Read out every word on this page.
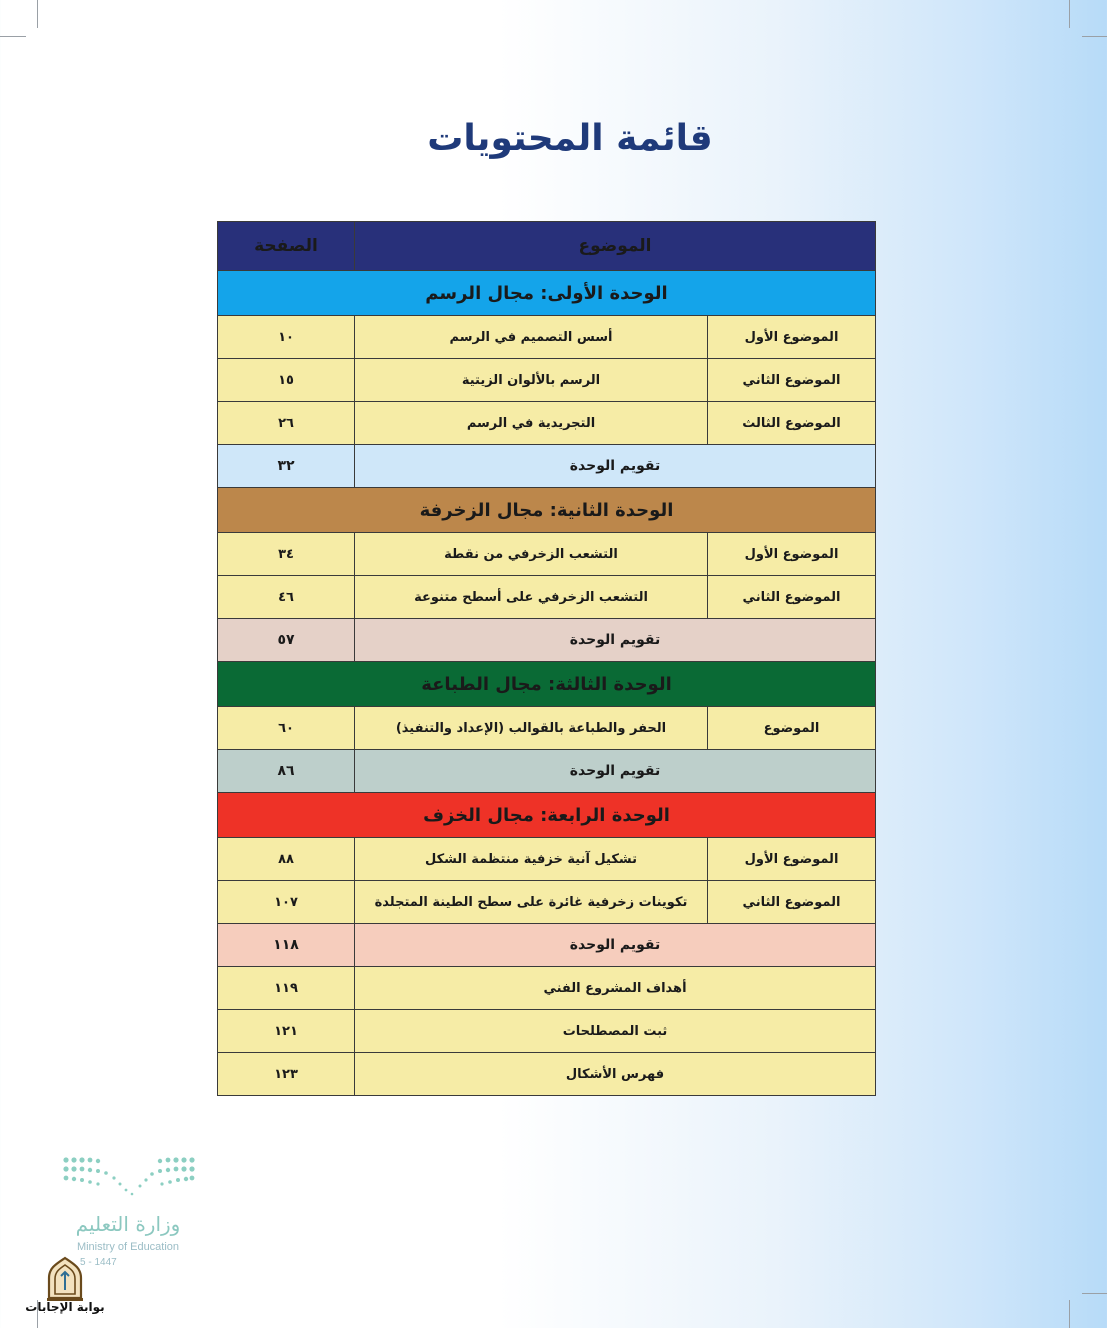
قائمة المحتويات
الموضوع		الصفحة
الوحدة الأولى: مجال الرسم		
الموضوع الأول	أسس التصميم في الرسم	١٠
الموضوع الثاني	الرسم بالألوان الزيتية	١٥
الموضوع الثالث	التجريدية في الرسم	٢٦
تقويم الوحدة		٣٢
الوحدة الثانية: مجال الزخرفة		
الموضوع الأول	التشعب الزخرفي من نقطة	٣٤
الموضوع الثاني	التشعب الزخرفي على أسطح متنوعة	٤٦
تقويم الوحدة		٥٧
الوحدة الثالثة: مجال الطباعة		
الموضوع	الحفر والطباعة بالقوالب (الإعداد والتنفيذ)	٦٠
تقويم الوحدة		٨٦
الوحدة الرابعة: مجال الخزف		
الموضوع الأول	تشكيل آنية خزفية منتظمة الشكل	٨٨
الموضوع الثاني	تكوينات زخرفية غائرة على سطح الطينة المتجلدة	١٠٧
تقويم الوحدة		١١٨
أهداف المشروع الفني		١١٩
ثبت المصطلحات		١٢١
فهرس الأشكال		١٢٣
وزارة التعليم
Ministry of Education
5 - 1447
بوابة الإجابات
